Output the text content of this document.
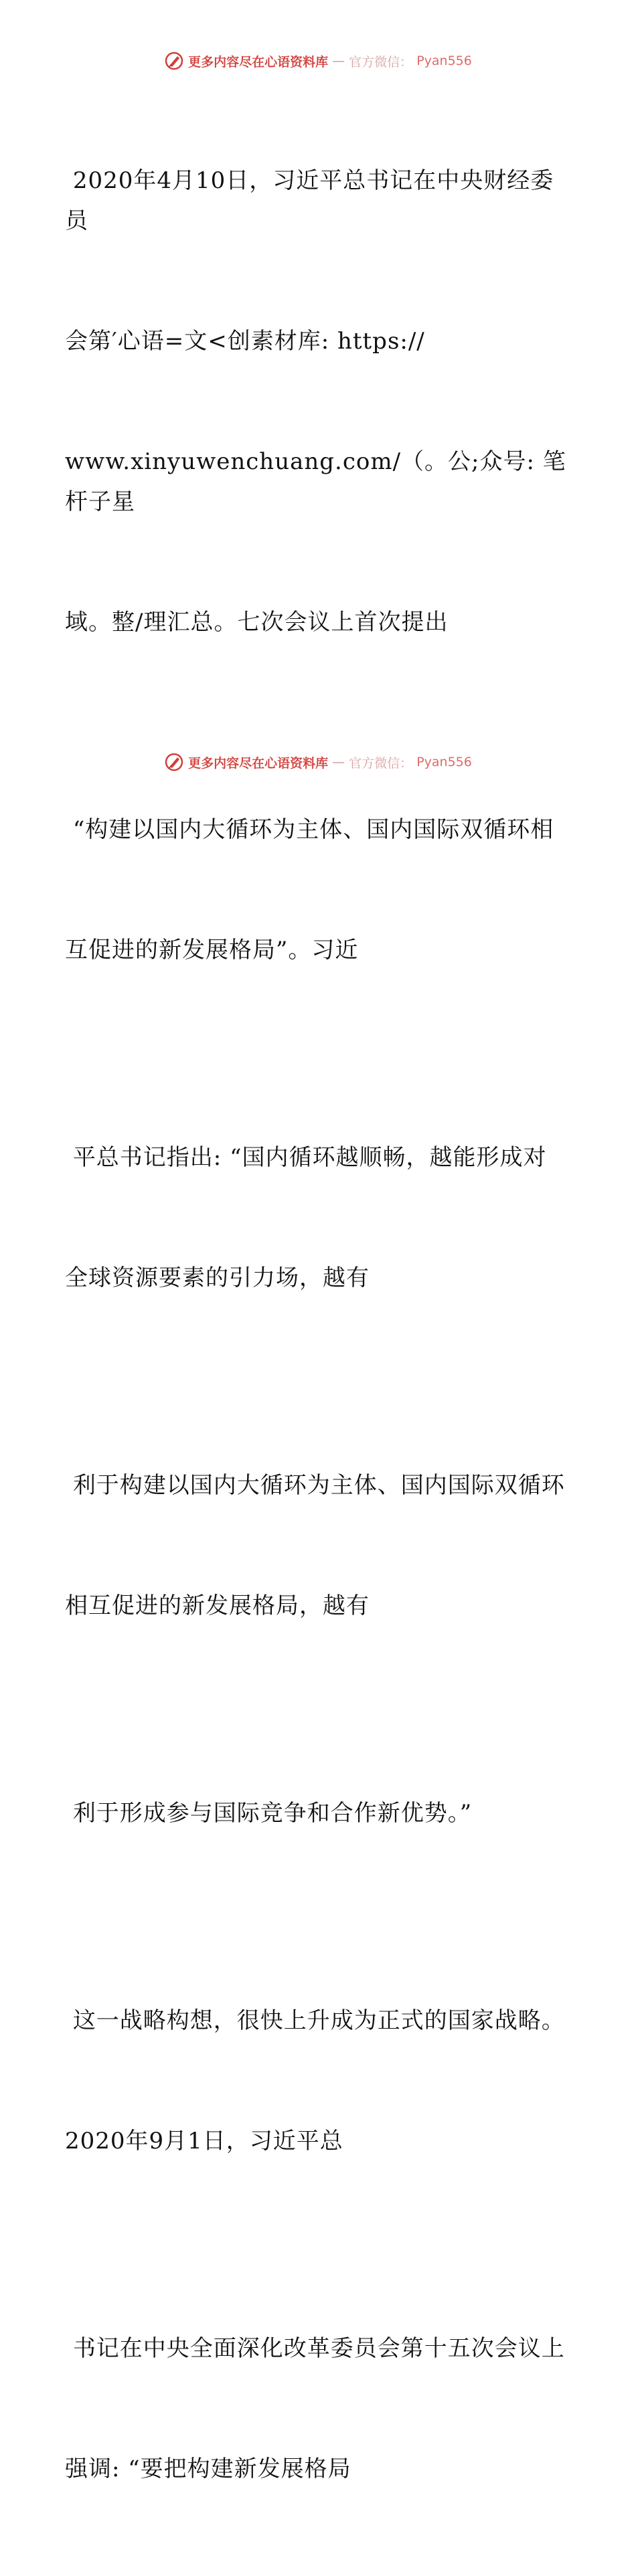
更多内容尽在心语资料库 — 官方微信： Pyan556

2020年4月10日，习近平总书记在中央财经委员

会第′心语=文<创素材库: https://

www.xinyuwenchuang.com/（。公;众号: 笔杆子星

域。整/理汇总。七次会议上首次提出

“构建以国内大循环为主体、国内国际双循环相

互促进的新发展格局”。习近

平总书记指出: “国内循环越顺畅，越能形成对

全球资源要素的引力场，越有

利于构建以国内大循环为主体、国内国际双循环

相互促进的新发展格局，越有

利于形成参与国际竞争和合作新优势。”

这一战略构想，很快上升成为正式的国家战略。

2020年9月1日，习近平总

书记在中央全面深化改革委员会第十五次会议上

强调: “要把构建新发展格局

更多内容尽在心语资料库 — 官方微信： Pyan556
